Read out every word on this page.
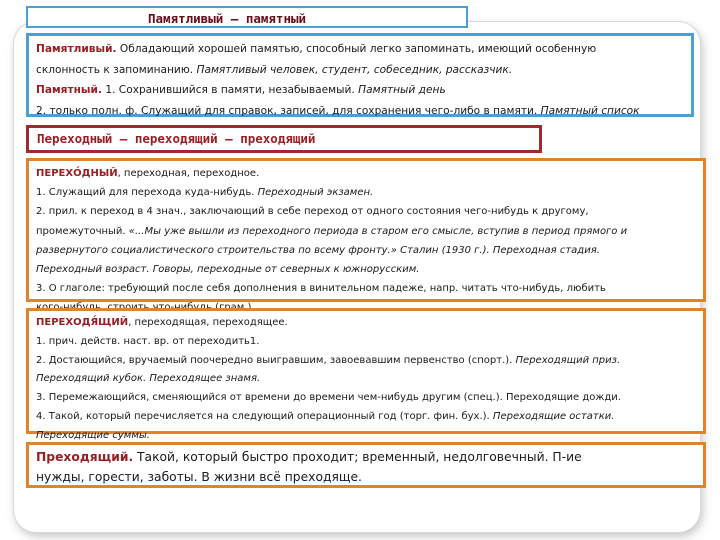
Памятливый – памятный
Памятливый. Обладающий хорошей памятью, способный легко запоминать, имеющий особенную
склонность к запоминанию. Памятливый человек, студент, собеседник, рассказчик.
Памятный. 1. Сохранившийся в памяти, незабываемый. Памятный день
2. только полн. ф. Служащий для справок, записей, для сохранения чего-либо в памяти. Памятный список
Переходный – переходящий – преходящий
ПЕРЕХО́ДНЫЙ, переходная, переходное.
1. Служащий для перехода куда-нибудь. Переходный экзамен.
2. прил. к переход в 4 знач., заключающий в себе переход от одного состояния чего-нибудь к другому,
промежуточный. «...Мы уже вышли из переходного периода в старом его смысле, вступив в период прямого и
развернутого социалистического строительства по всему фронту.» Сталин (1930 г.). Переходная стадия.
Переходный возраст. Говоры, переходные от северных к южнорусским.
3. О глаголе: требующий после себя дополнения в винительном падеже, напр. читать что-нибудь, любить
ПЕРЕХОДЯ́ЩИЙ, переходящая, переходящее.
1. прич. действ. наст. вр. от переходить1.
2. Достающийся, вручаемый поочередно выигравшим, завоевавшим первенство (спорт.). Переходящий приз.
Переходящий кубок. Переходящее знамя.
3. Перемежающийся, сменяющийся от времени до времени чем-нибудь другим (спец.). Переходящие дожди.
4. Такой, который перечисляется на следующий операционный год (торг. фин. бух.). Переходящие остатки.
Переходящие суммы.
Преходящий. Такой, который быстро проходит; временный, недолговечный. П-ие
нужды, горести, заботы. В жизни всё преходяще.
